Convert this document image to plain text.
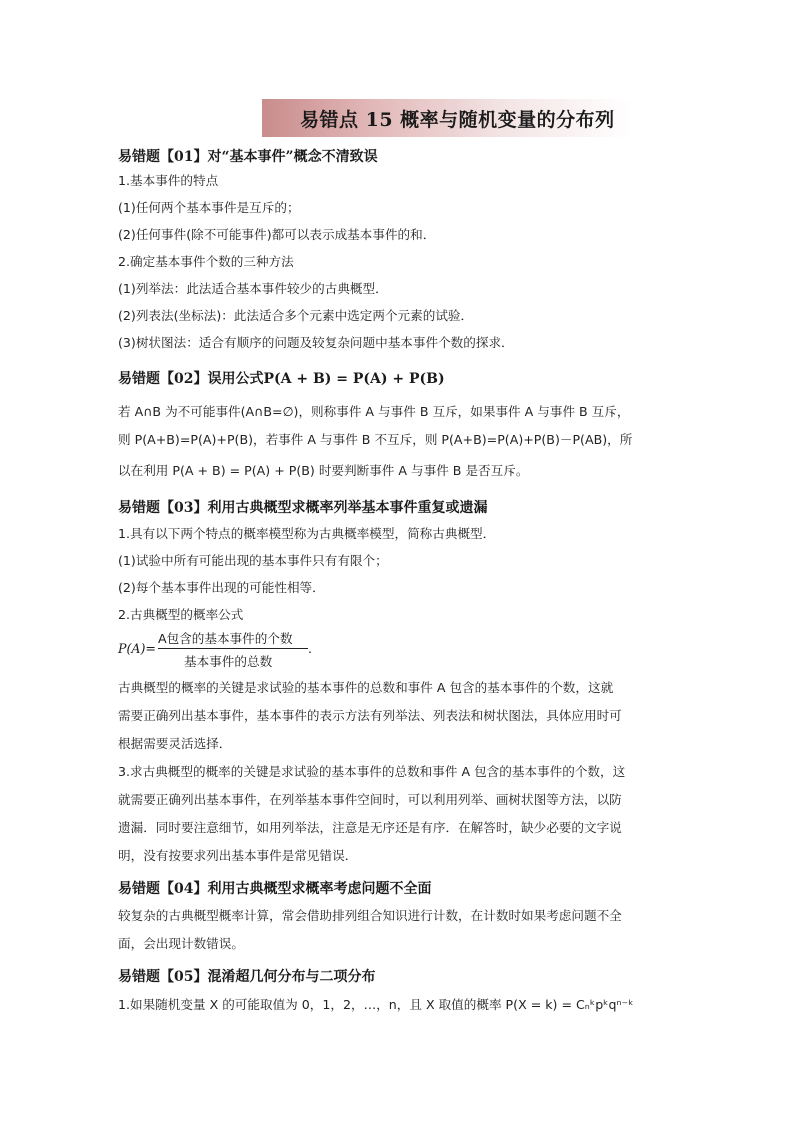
易错点 15 概率与随机变量的分布列
易错题【01】对“基本事件”概念不清致误
1.基本事件的特点
(1)任何两个基本事件是互斥的；
(2)任何事件(除不可能事件)都可以表示成基本事件的和．
2.确定基本事件个数的三种方法
(1)列举法：此法适合基本事件较少的古典概型．
(2)列表法(坐标法)：此法适合多个元素中选定两个元素的试验．
(3)树状图法：适合有顺序的问题及较复杂问题中基本事件个数的探求．
易错题【02】误用公式P(A + B) = P(A) + P(B)
若 A∩B 为不可能事件(A∩B=∅)，则称事件 A 与事件 B 互斥，如果事件 A 与事件 B 互斥，
则 P(A+B)=P(A)+P(B)，若事件 A 与事件 B 不互斥，则 P(A+B)=P(A)+P(B)－P(AB)，所
以在利用 P(A + B) = P(A) + P(B) 时要判断事件 A 与事件 B 是否互斥。
易错题【03】利用古典概型求概率列举基本事件重复或遗漏
1.具有以下两个特点的概率模型称为古典概率模型，简称古典概型．
(1)试验中所有可能出现的基本事件只有有限个；
(2)每个基本事件出现的可能性相等．
2.古典概型的概率公式
古典概型的概率的关键是求试验的基本事件的总数和事件 A 包含的基本事件的个数，这就
需要正确列出基本事件，基本事件的表示方法有列举法、列表法和树状图法，具体应用时可
根据需要灵活选择．
3.求古典概型的概率的关键是求试验的基本事件的总数和事件 A 包含的基本事件的个数，这
就需要正确列出基本事件，在列举基本事件空间时，可以利用列举、画树状图等方法，以防
遗漏．同时要注意细节，如用列举法，注意是无序还是有序．在解答时，缺少必要的文字说
明，没有按要求列出基本事件是常见错误．
易错题【04】利用古典概型求概率考虑问题不全面
较复杂的古典概型概率计算，常会借助排列组合知识进行计数，在计数时如果考虑问题不全
面，会出现计数错误。
易错题【05】混淆超几何分布与二项分布
1.如果随机变量 X 的可能取值为 0，1，2，…，n，且 X 取值的概率 P(X = k) = Cₙᵏpᵏqⁿ⁻ᵏ
P(A)=
A包含的基本事件的个数
基本事件的总数
.
